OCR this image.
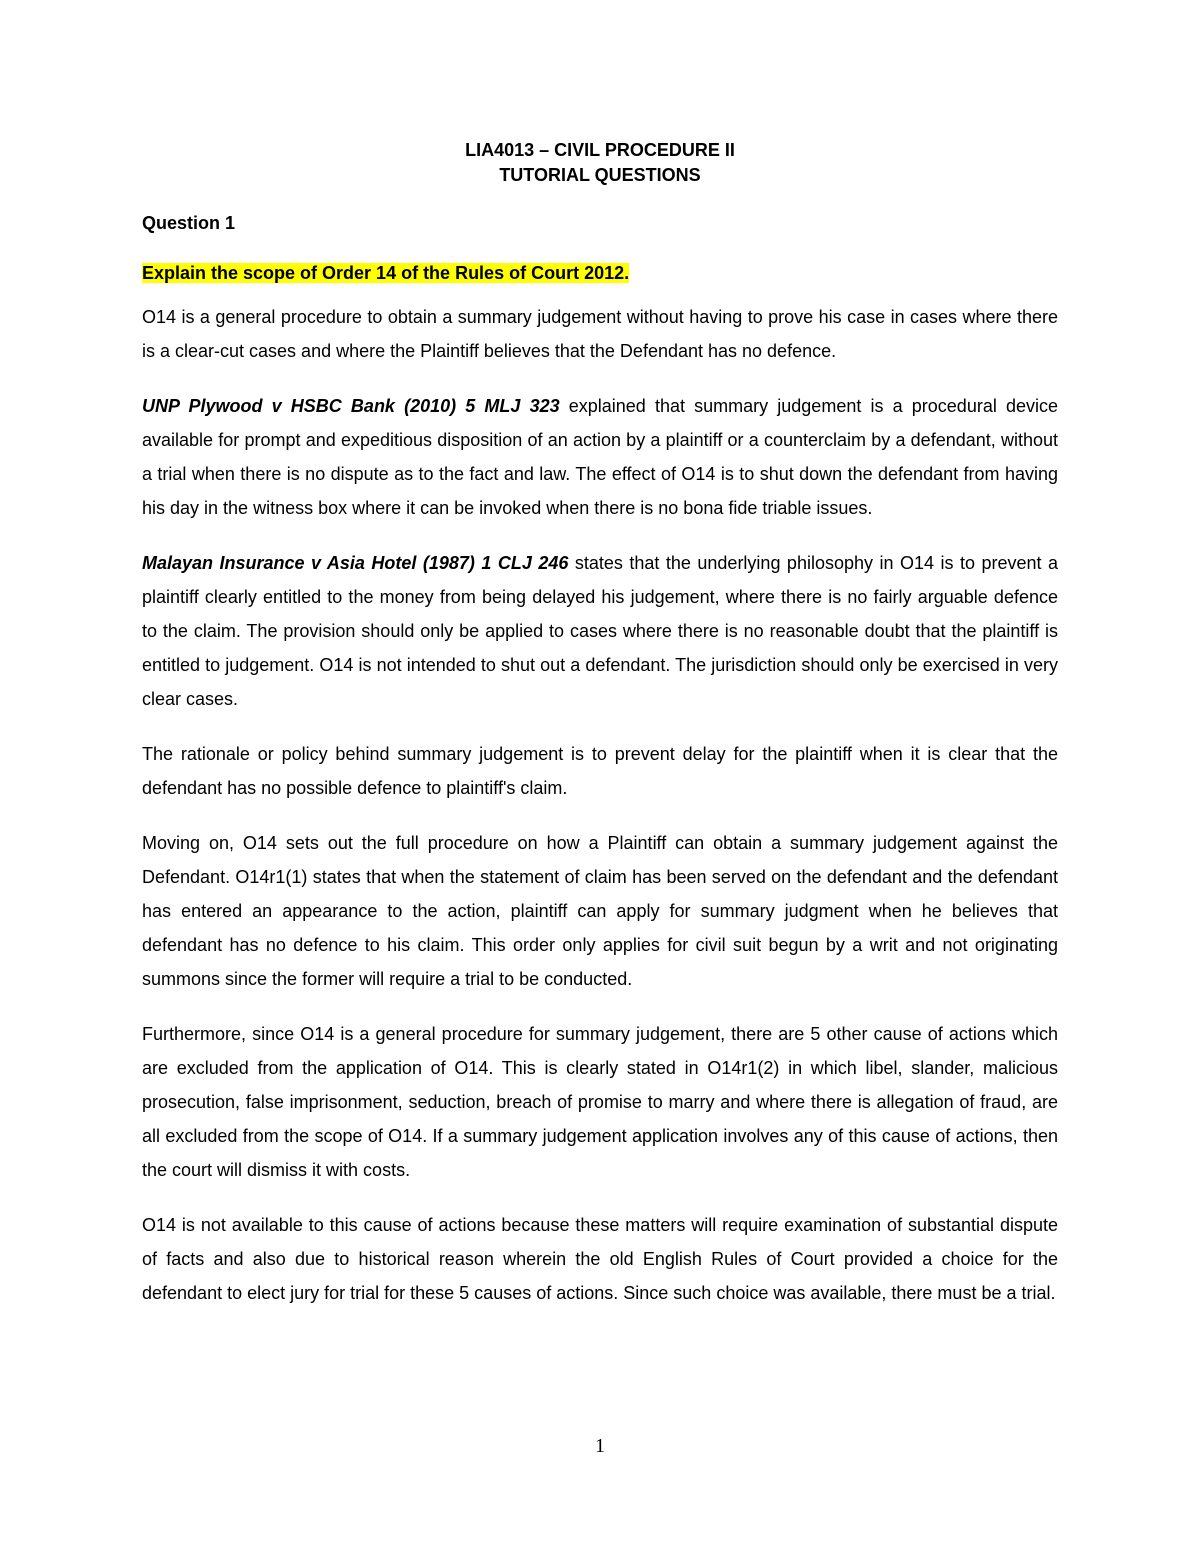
LIA4013 – CIVIL PROCEDURE II

TUTORIAL QUESTIONS

Question 1

Explain the scope of Order 14 of the Rules of Court 2012.

O14 is a general procedure to obtain a summary judgement without having to prove his case in cases where there is a clear-cut cases and where the Plaintiff believes that the Defendant has no defence.

UNP Plywood v HSBC Bank (2010) 5 MLJ 323 explained that summary judgement is a procedural device available for prompt and expeditious disposition of an action by a plaintiff or a counterclaim by a defendant, without a trial when there is no dispute as to the fact and law. The effect of O14 is to shut down the defendant from having his day in the witness box where it can be invoked when there is no bona fide triable issues.

Malayan Insurance v Asia Hotel (1987) 1 CLJ 246 states that the underlying philosophy in O14 is to prevent a plaintiff clearly entitled to the money from being delayed his judgement, where there is no fairly arguable defence to the claim. The provision should only be applied to cases where there is no reasonable doubt that the plaintiff is entitled to judgement. O14 is not intended to shut out a defendant. The jurisdiction should only be exercised in very clear cases.

The rationale or policy behind summary judgement is to prevent delay for the plaintiff when it is clear that the defendant has no possible defence to plaintiff's claim.

Moving on, O14 sets out the full procedure on how a Plaintiff can obtain a summary judgement against the Defendant. O14r1(1) states that when the statement of claim has been served on the defendant and the defendant has entered an appearance to the action, plaintiff can apply for summary judgment when he believes that defendant has no defence to his claim. This order only applies for civil suit begun by a writ and not originating summons since the former will require a trial to be conducted.

Furthermore, since O14 is a general procedure for summary judgement, there are 5 other cause of actions which are excluded from the application of O14. This is clearly stated in O14r1(2) in which libel, slander, malicious prosecution, false imprisonment, seduction, breach of promise to marry and where there is allegation of fraud, are all excluded from the scope of O14. If a summary judgement application involves any of this cause of actions, then the court will dismiss it with costs.

O14 is not available to this cause of actions because these matters will require examination of substantial dispute of facts and also due to historical reason wherein the old English Rules of Court provided a choice for the defendant to elect jury for trial for these 5 causes of actions. Since such choice was available, there must be a trial.

1
